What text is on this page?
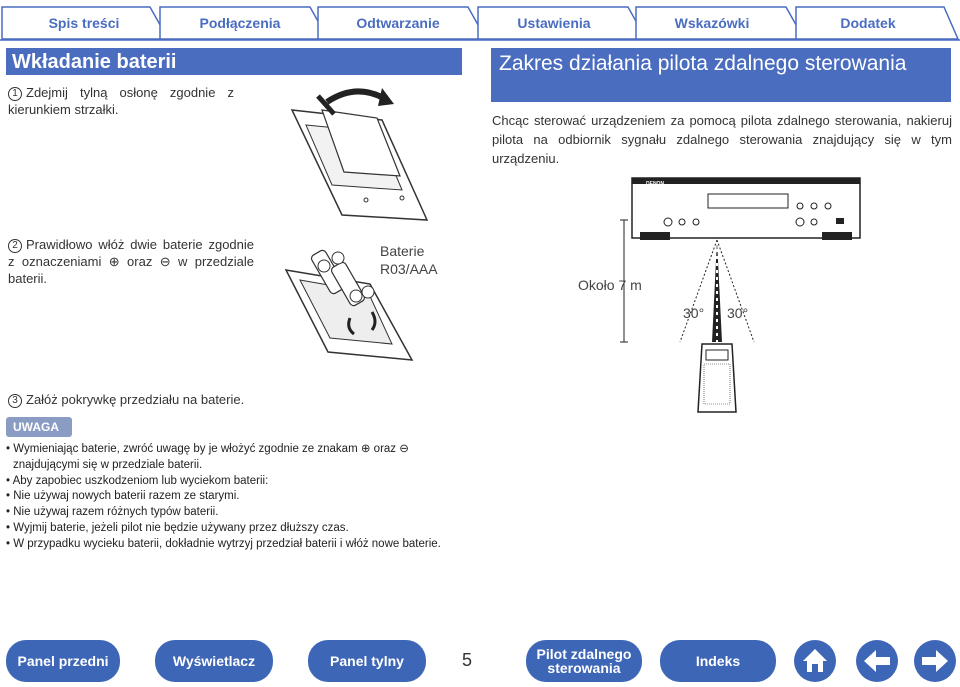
Spis treści	Podłączenia	Odtwarzanie	Ustawienia	Wskazówki	Dodatek
Wkładanie baterii
1 Zdejmij tylną osłonę zgodnie z kierunkiem strzałki.
2 Prawidłowo włóż dwie baterie zgodnie z oznaczeniami ⊕ oraz ⊖ w przedziale baterii.
Baterie
R03/AAA
3 Załóż pokrywkę przedziału na baterie.
UWAGA
• Wymieniając baterie, zwróć uwagę by je włożyć zgodnie ze znakam ⊕ oraz ⊖ znajdującymi się w przedziale baterii.
• Aby zapobiec uszkodzeniom lub wyciekom baterii:
• Nie używaj nowych baterii razem ze starymi.
• Nie używaj razem różnych typów baterii.
• Wyjmij baterie, jeżeli pilot nie będzie używany przez dłuższy czas.
• W przypadku wycieku baterii, dokładnie wytrzyj przedział baterii i włóż nowe baterie.
Zakres działania pilota zdalnego sterowania
Chcąc sterować urządzeniem za pomocą pilota zdalnego sterowania, nakieruj pilota na odbiornik sygnału zdalnego sterowania znajdujący się w tym urządzeniu.
DENON
Około 7 m
30° 30°
Panel przedni	Wyświetlacz	Panel tylny	5	Pilot zdalnego
sterowania	Indeks
